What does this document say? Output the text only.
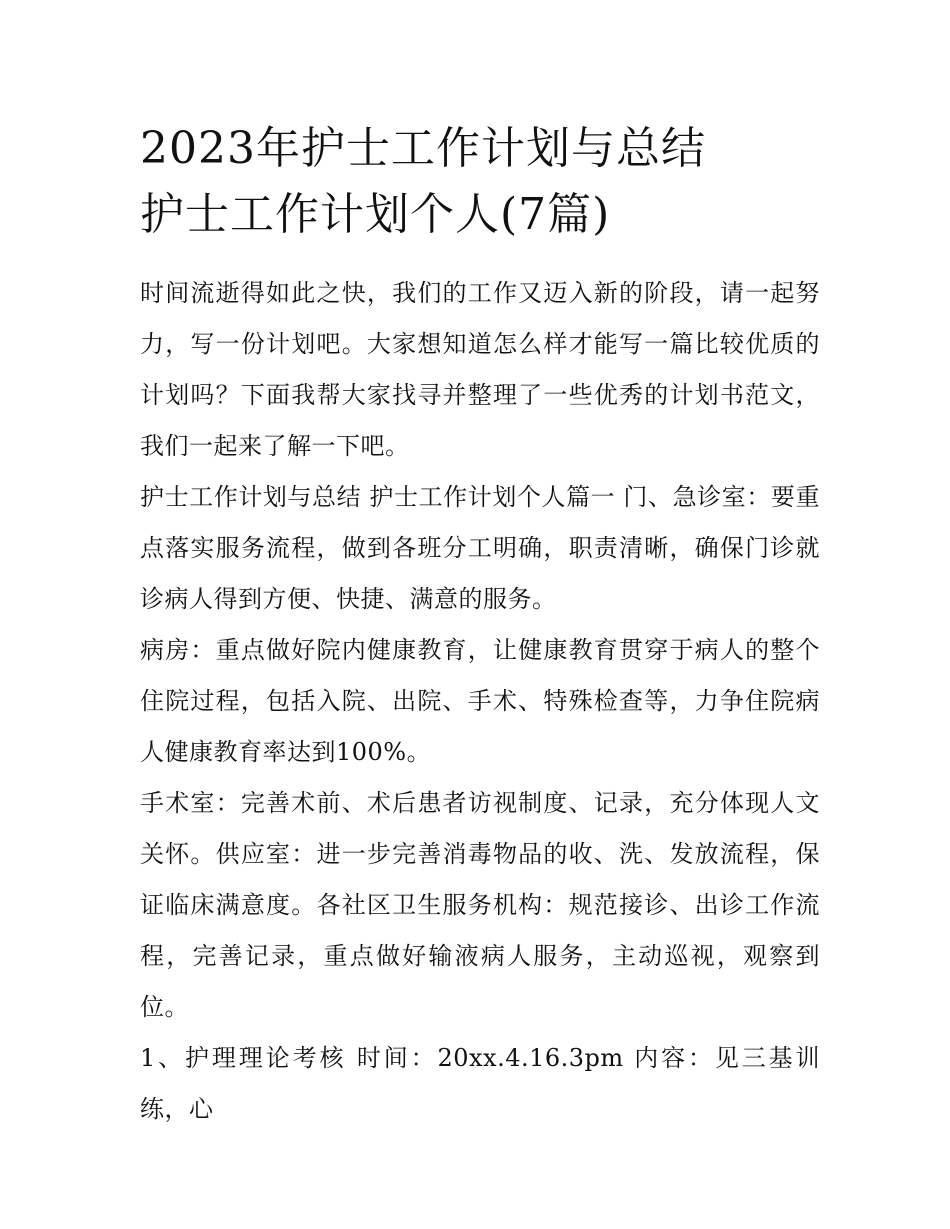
2023年护士工作计划与总结
护士工作计划个人(7篇)

时间流逝得如此之快，我们的工作又迈入新的阶段，请一起努力，写一份计划吧。大家想知道怎么样才能写一篇比较优质的计划吗？下面我帮大家找寻并整理了一些优秀的计划书范文，我们一起来了解一下吧。

护士工作计划与总结 护士工作计划个人篇一 门、急诊室：要重点落实服务流程，做到各班分工明确，职责清晰，确保门诊就诊病人得到方便、快捷、满意的服务。

病房：重点做好院内健康教育，让健康教育贯穿于病人的整个住院过程，包括入院、出院、手术、特殊检查等，力争住院病人健康教育率达到100%。

手术室：完善术前、术后患者访视制度、记录，充分体现人文关怀。供应室：进一步完善消毒物品的收、洗、发放流程，保证临床满意度。各社区卫生服务机构：规范接诊、出诊工作流程，完善记录，重点做好输液病人服务，主动巡视，观察到位。

1、护理理论考核 时间：20xx.4.16.3pm 内容：见三基训练，心
